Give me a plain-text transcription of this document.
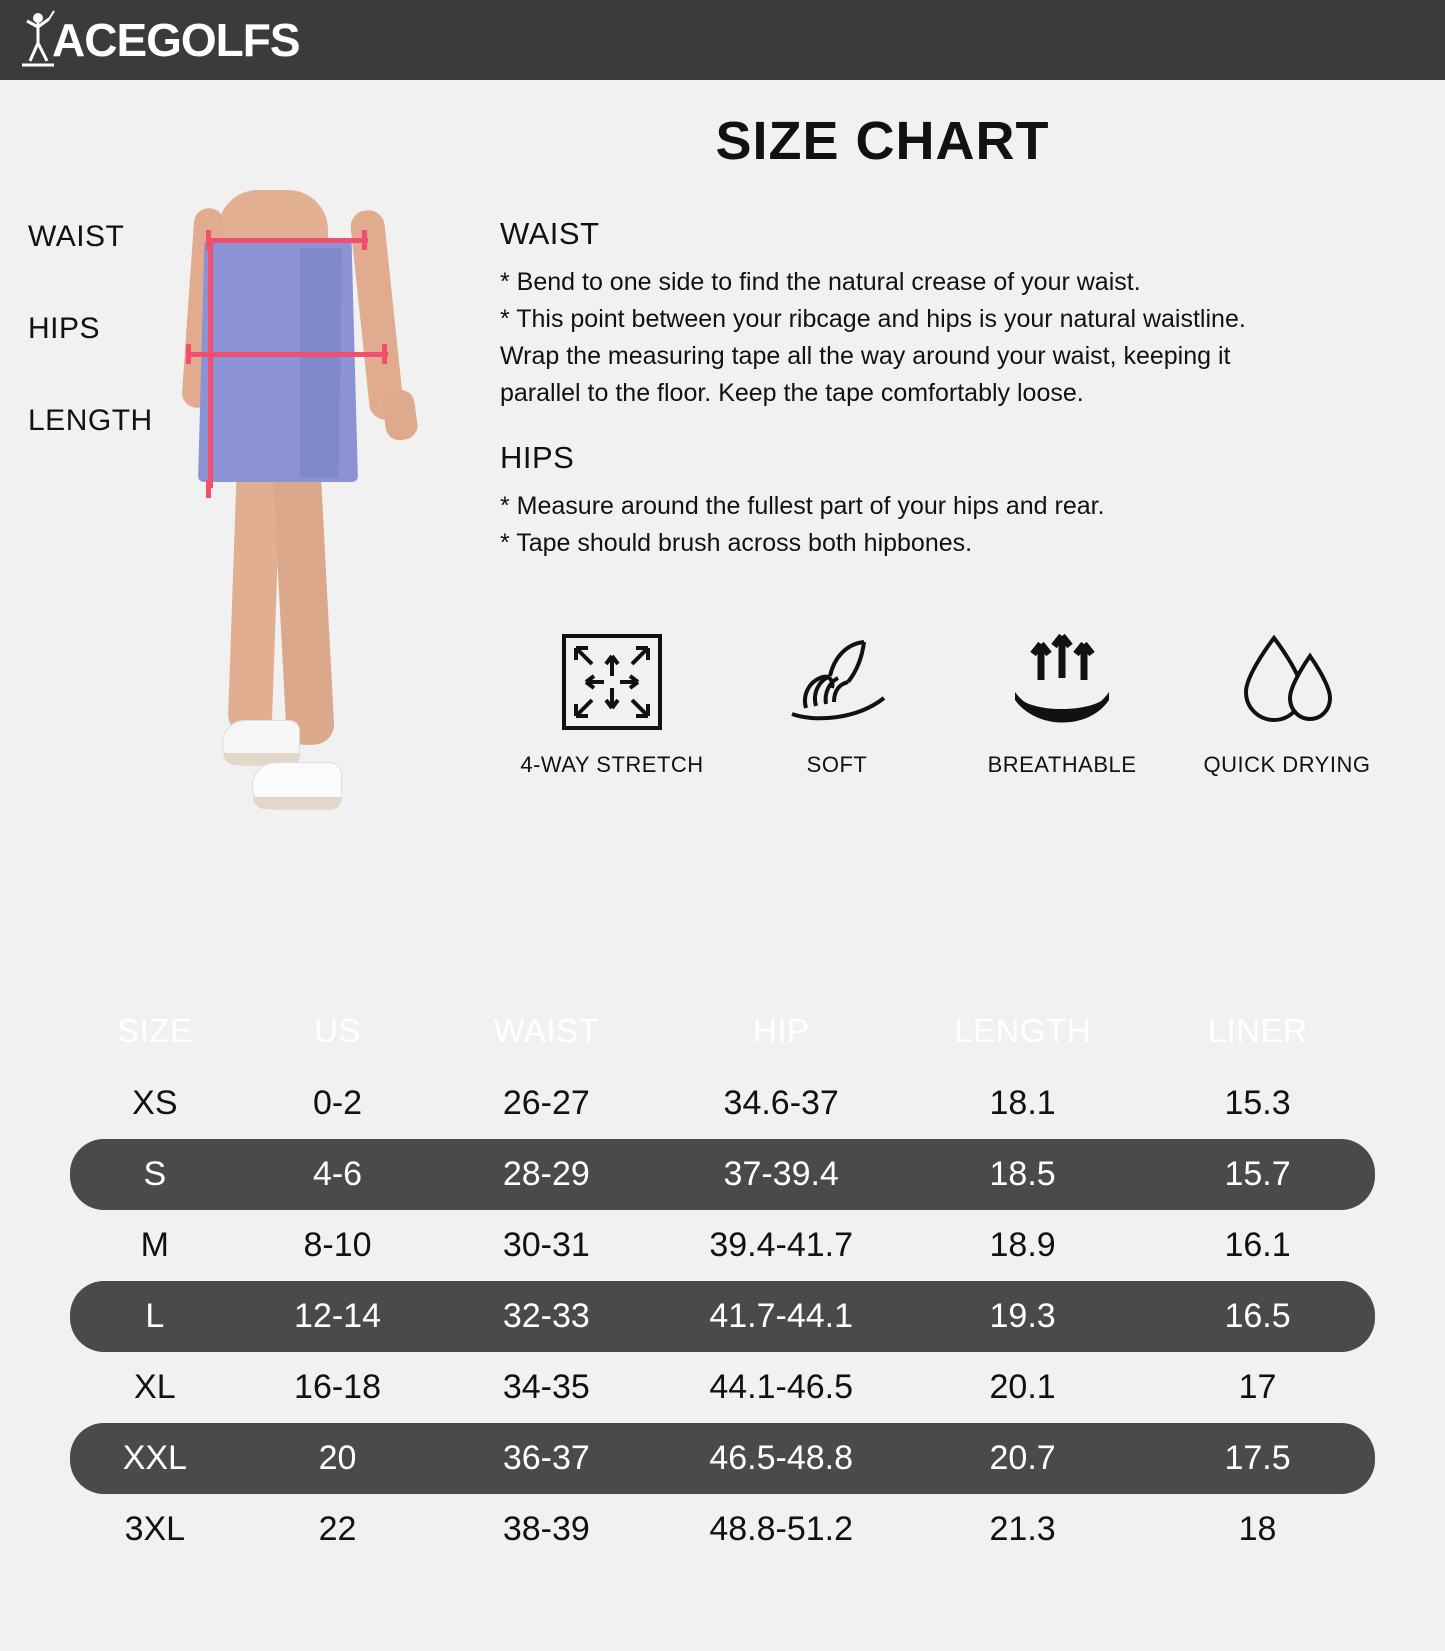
ACEGOLFS
SIZE CHART
WAIST
HIPS
LENGTH
WAIST

* Bend to one side to find the natural crease of your waist.

* This point between your ribcage and hips is your natural waistline.

Wrap the measuring tape all the way around your waist, keeping it

parallel to the floor. Keep the tape comfortably loose.

HIPS

* Measure around the fullest part of your hips and rear.

* Tape should brush across both hipbones.

4-WAY STRETCH	SOFT	BREATHABLE	QUICK DRYING
SIZE	US	WAIST	HIP	LENGTH	LINER
XS	0-2	26-27	34.6-37	18.1	15.3
S	4-6	28-29	37-39.4	18.5	15.7
M	8-10	30-31	39.4-41.7	18.9	16.1
L	12-14	32-33	41.7-44.1	19.3	16.5
XL	16-18	34-35	44.1-46.5	20.1	17
XXL	20	36-37	46.5-48.8	20.7	17.5
3XL	22	38-39	48.8-51.2	21.3	18
